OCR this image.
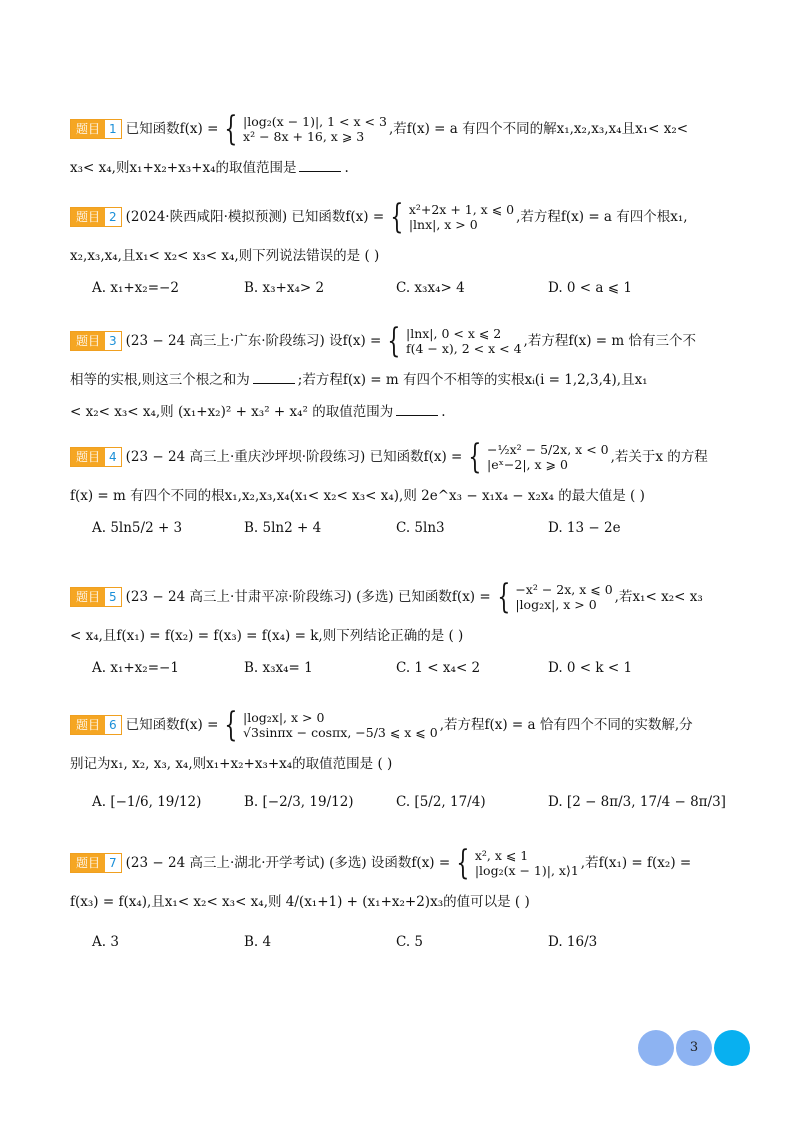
题目 1 已知函数f(x) = { |log₂(x − 1)|, 1 < x < 3
x² − 8x + 16, x ⩾ 3	,若f(x) = a 有四个不同的解x₁,x₂,x₃,x₄且x₁< x₂<
x₃< x₄,则x₁+x₂+x₃+x₄的取值范围是	.
题目 2 (2024·陕西咸阳·模拟预测) 已知函数f(x) = { x²+2x + 1, x ⩽ 0
|lnx|, x > 0	,若方程f(x) = a 有四个根x₁,
x₂,x₃,x₄,且x₁< x₂< x₃< x₄,则下列说法错误的是 ( )
A. x₁+x₂=−2	B. x₃+x₄> 2	C. x₃x₄> 4	D. 0 < a ⩽ 1
题目 3 (23 − 24 高三上·广东·阶段练习) 设f(x) = { |lnx|, 0 < x ⩽ 2
f(4 − x), 2 < x < 4 ,若方程f(x) = m 恰有三个不
相等的实根,则这三个根之和为	;若方程f(x) = m 有四个不相等的实根xᵢ(i = 1,2,3,4),且x₁
< x₂< x₃< x₄,则 (x₁+x₂)² + x₃² + x₄² 的取值范围为	.
题目 4 (23 − 24 高三上·重庆沙坪坝·阶段练习) 已知函数f(x) = { −½x² − 5/2x, x < 0
|eˣ−2|, x ⩾ 0	,若关于x 的方程
f(x) = m 有四个不同的根x₁,x₂,x₃,x₄(x₁< x₂< x₃< x₄),则 2e^x₃ − x₁x₄ − x₂x₄ 的最大值是 ( )
A. 5ln5/2 + 3	B. 5ln2 + 4	C. 5ln3	D. 13 − 2e
题目 5 (23 − 24 高三上·甘肃平凉·阶段练习) (多选) 已知函数f(x) = { −x² − 2x, x ⩽ 0
|log₂x|, x > 0	,若x₁< x₂< x₃
< x₄,且f(x₁) = f(x₂) = f(x₃) = f(x₄) = k,则下列结论正确的是 ( )
A. x₁+x₂=−1	B. x₃x₄= 1	C. 1 < x₄< 2	D. 0 < k < 1
题目 6 已知函数f(x) = { |log₂x|, x > 0
√3sinπx − cosπx, −5/3 ⩽ x ⩽ 0 ,若方程f(x) = a 恰有四个不同的实数解,分
别记为x₁, x₂, x₃, x₄,则x₁+x₂+x₃+x₄的取值范围是 ( )
A. [−1/6, 19/12)	B. [−2/3, 19/12)	C. [5/2, 17/4)	D. [2 − 8π/3, 17/4 − 8π/3]
题目 7 (23 − 24 高三上·湖北·开学考试) (多选) 设函数f(x) = { x², x ⩽ 1
|log₂(x − 1)|, x⟩1 ,若f(x₁) = f(x₂) =
f(x₃) = f(x₄),且x₁< x₂< x₃< x₄,则 4/(x₁+1) + (x₁+x₂+2)x₃的值可以是 ( )
A. 3	B. 4	C. 5	D. 16/3
3
